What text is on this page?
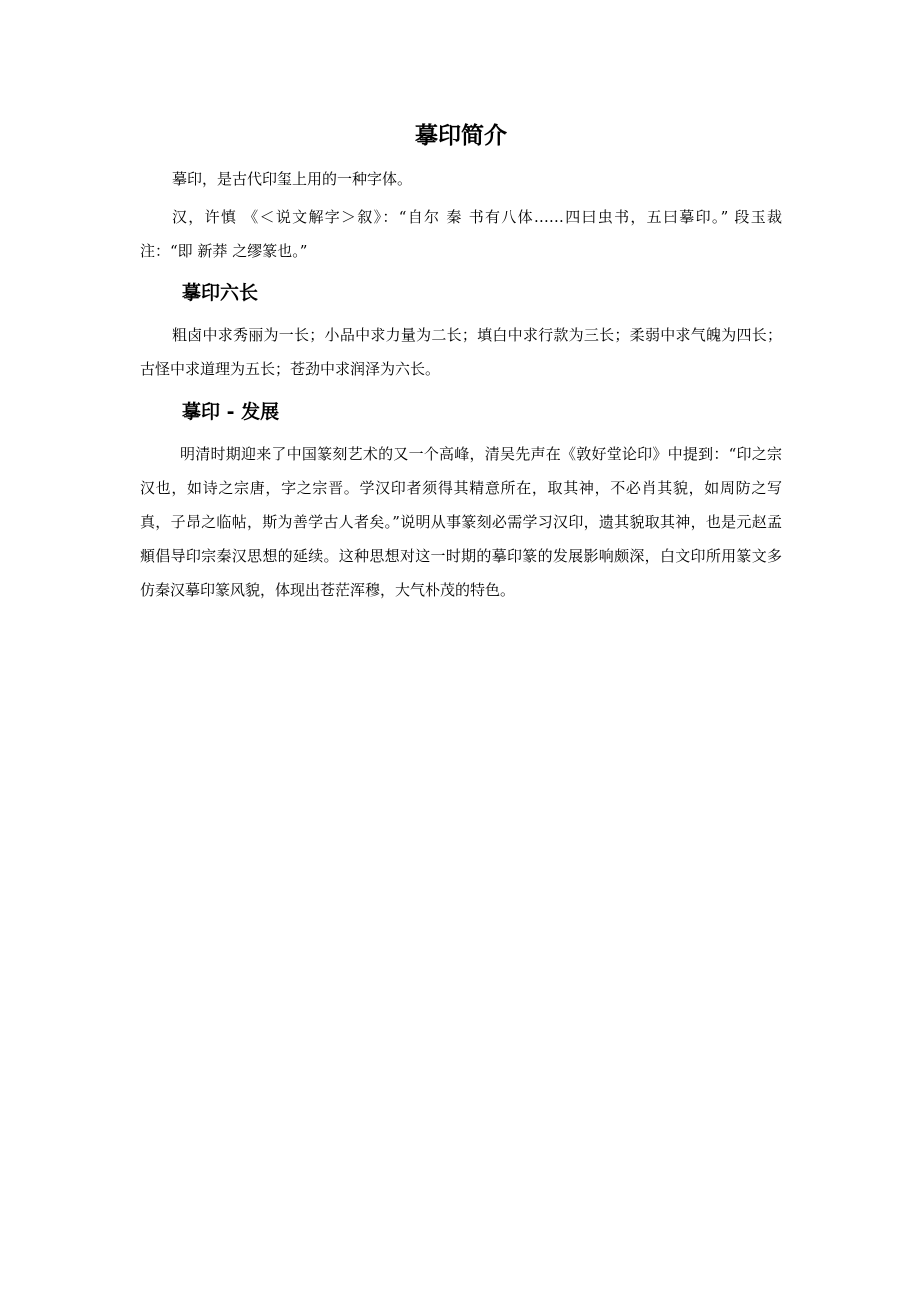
摹印简介

摹印，是古代印玺上用的一种字体。

汉，许慎 《＜说文解字＞叙》：“自尔 秦 书有八体……四曰虫书，五曰摹印。” 段玉裁 注：“即 新莽 之缪篆也。”

摹印六长

粗卤中求秀丽为一长；小品中求力量为二长；填白中求行款为三长；柔弱中求气魄为四长；古怪中求道理为五长；苍劲中求润泽为六长。

摹印 - 发展

明清时期迎来了中国篆刻艺术的又一个高峰，清吴先声在《敦好堂论印》中提到：“印之宗汉也，如诗之宗唐，字之宗晋。学汉印者须得其精意所在，取其神，不必肖其貌，如周防之写真，子昂之临帖，斯为善学古人者矣。”说明从事篆刻必需学习汉印，遗其貌取其神，也是元赵孟頫倡导印宗秦汉思想的延续。这种思想对这一时期的摹印篆的发展影响颇深，白文印所用篆文多仿秦汉摹印篆风貌，体现出苍茫浑穆，大气朴茂的特色。
